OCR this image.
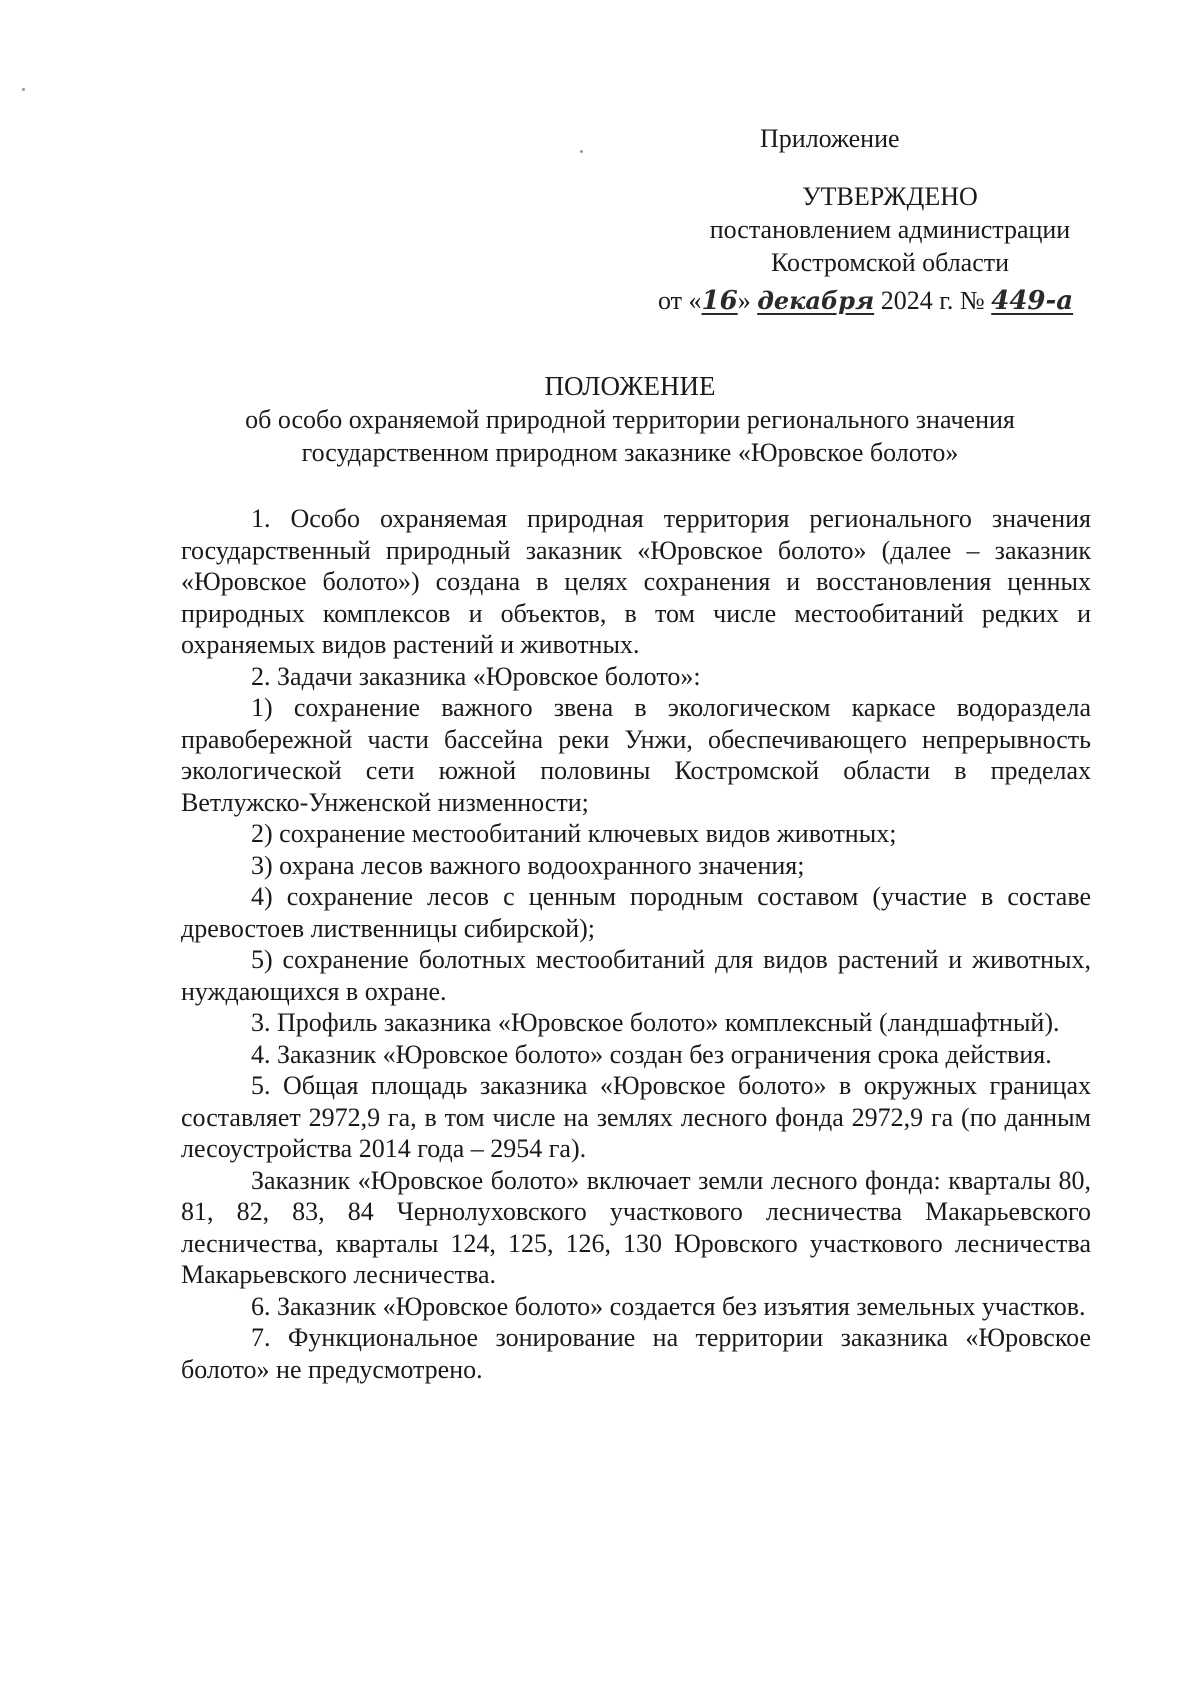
Приложение
УТВЕРЖДЕНО
постановлением администрации
Костромской области
от «16» декабря 2024 г. № 449-а
ПОЛОЖЕНИЕ
об особо охраняемой природной территории регионального значения
государственном природном заказнике «Юровское болото»

1. Особо охраняемая природная территория регионального значения государственный природный заказник «Юровское болото» (далее – заказник «Юровское болото») создана в целях сохранения и восстановления ценных природных комплексов и объектов, в том числе местообитаний редких и охраняемых видов растений и животных.

2. Задачи заказника «Юровское болото»:

1) сохранение важного звена в экологическом каркасе водораздела правобережной части бассейна реки Унжи, обеспечивающего непрерывность экологической сети южной половины Костромской области в пределах Ветлужско-Унженской низменности;

2) сохранение местообитаний ключевых видов животных;

3) охрана лесов важного водоохранного значения;

4) сохранение лесов с ценным породным составом (участие в составе древостоев лиственницы сибирской);

5) сохранение болотных местообитаний для видов растений и животных, нуждающихся в охране.

3. Профиль заказника «Юровское болото» комплексный (ландшафтный).

4. Заказник «Юровское болото» создан без ограничения срока действия.

5. Общая площадь заказника «Юровское болото» в окружных границах составляет 2972,9 га, в том числе на землях лесного фонда 2972,9 га (по данным лесоустройства 2014 года – 2954 га).

Заказник «Юровское болото» включает земли лесного фонда: кварталы 80, 81, 82, 83, 84 Чернолуховского участкового лесничества Макарьевского лесничества, кварталы 124, 125, 126, 130 Юровского участкового лесничества Макарьевского лесничества.

6. Заказник «Юровское болото» создается без изъятия земельных участков.

7. Функциональное зонирование на территории заказника «Юровское болото» не предусмотрено.
